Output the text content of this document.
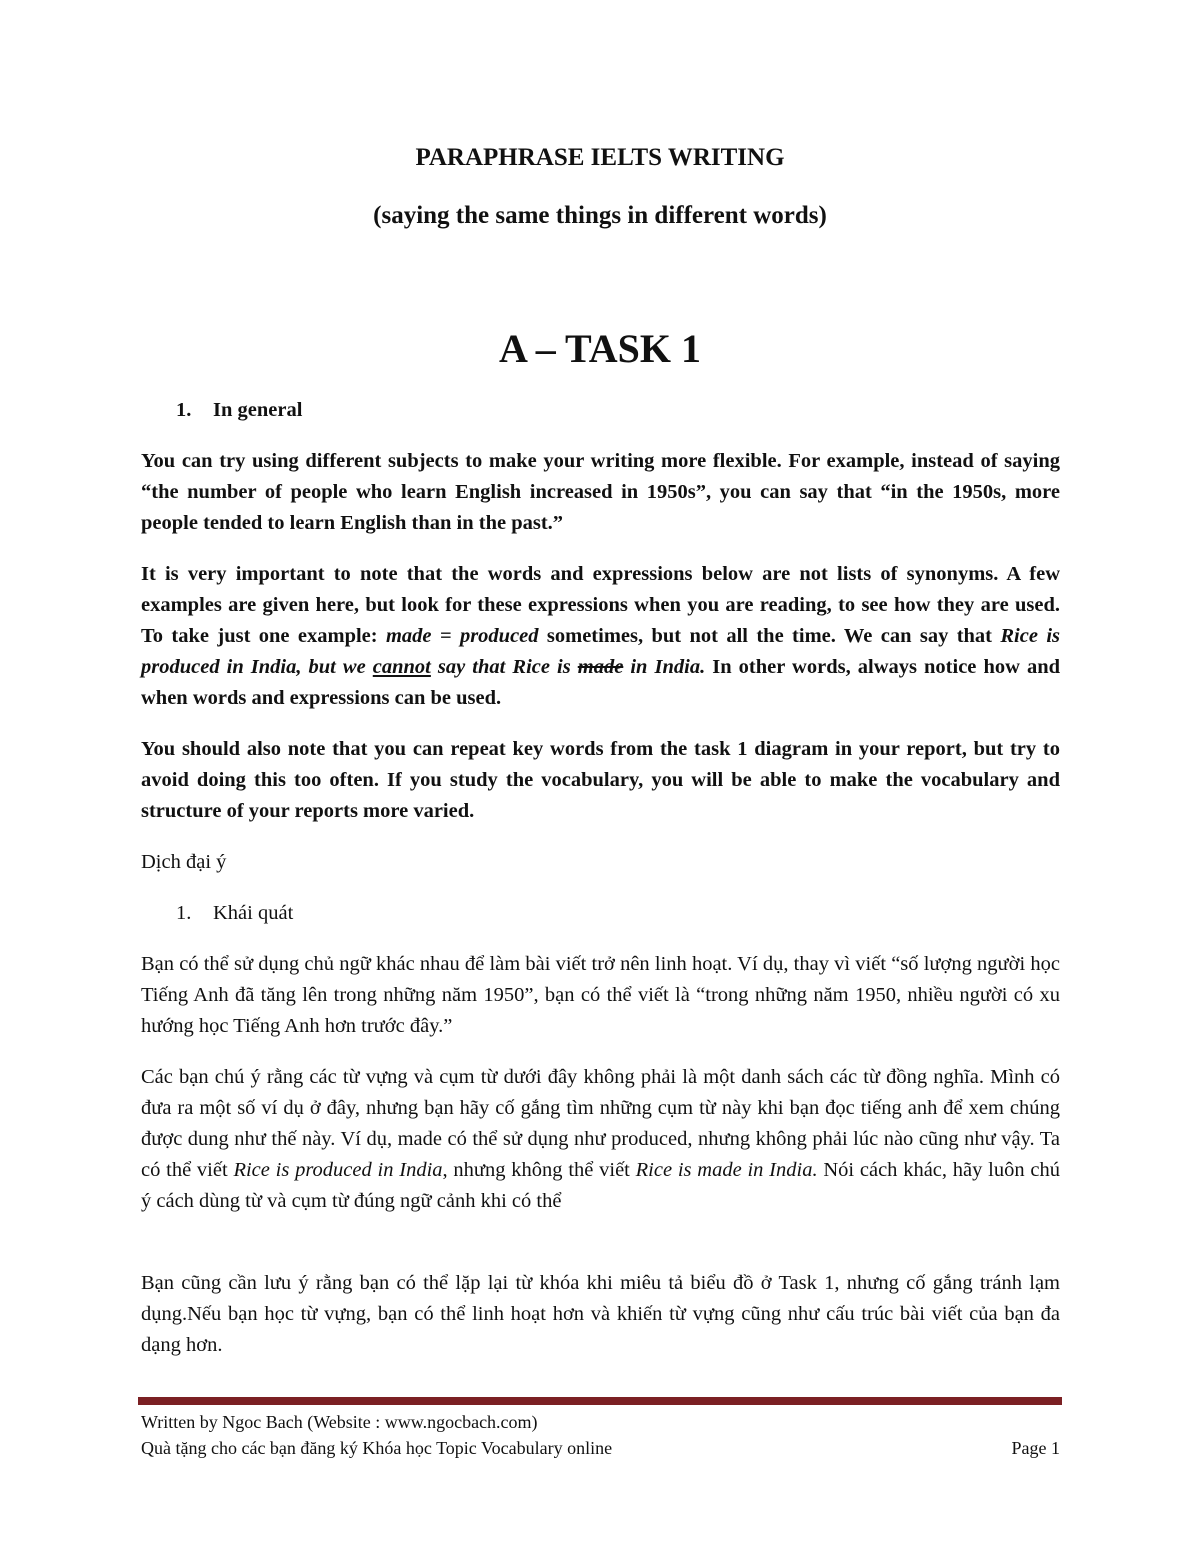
PARAPHRASE IELTS WRITING
(saying the same things in different words)
A – TASK 1
1.	In general

You can try using different subjects to make your writing more flexible. For example, instead of saying “the number of people who learn English increased in 1950s”, you can say that “in the 1950s, more people tended to learn English than in the past.”

It is very important to note that the words and expressions below are not lists of synonyms. A few examples are given here, but look for these expressions when you are reading, to see how they are used. To take just one example: made = produced sometimes, but not all the time. We can say that Rice is produced in India, but we cannot say that Rice is made in India. In other words, always notice how and when words and expressions can be used.

You should also note that you can repeat key words from the task 1 diagram in your report, but try to avoid doing this too often. If you study the vocabulary, you will be able to make the vocabulary and structure of your reports more varied.

Dịch đại ý

1.	Khái quát

Bạn có thể sử dụng chủ ngữ khác nhau để làm bài viết trở nên linh hoạt. Ví dụ, thay vì viết “số lượng người học Tiếng Anh đã tăng lên trong những năm 1950”, bạn có thể viết là “trong những năm 1950, nhiều người có xu hướng học Tiếng Anh hơn trước đây.”

Các bạn chú ý rằng các từ vựng và cụm từ dưới đây không phải là một danh sách các từ đồng nghĩa. Mình có đưa ra một số ví dụ ở đây, nhưng bạn hãy cố gắng tìm những cụm từ này khi bạn đọc tiếng anh để xem chúng được dung như thế này. Ví dụ, made có thể sử dụng như produced, nhưng không phải lúc nào cũng như vậy. Ta có thể viết Rice is produced in India, nhưng không thể viết Rice is made in India. Nói cách khác, hãy luôn chú ý cách dùng từ và cụm từ đúng ngữ cảnh khi có thể

Bạn cũng cần lưu ý rằng bạn có thể lặp lại từ khóa khi miêu tả biểu đồ ở Task 1, nhưng cố gắng tránh lạm dụng.Nếu bạn học từ vựng, bạn có thể linh hoạt hơn và khiến từ vựng cũng như cấu trúc bài viết của bạn đa dạng hơn.

Written by Ngoc Bach (Website : www.ngocbach.com)
Quà tặng cho các bạn đăng ký Khóa học Topic Vocabulary online	Page 1
